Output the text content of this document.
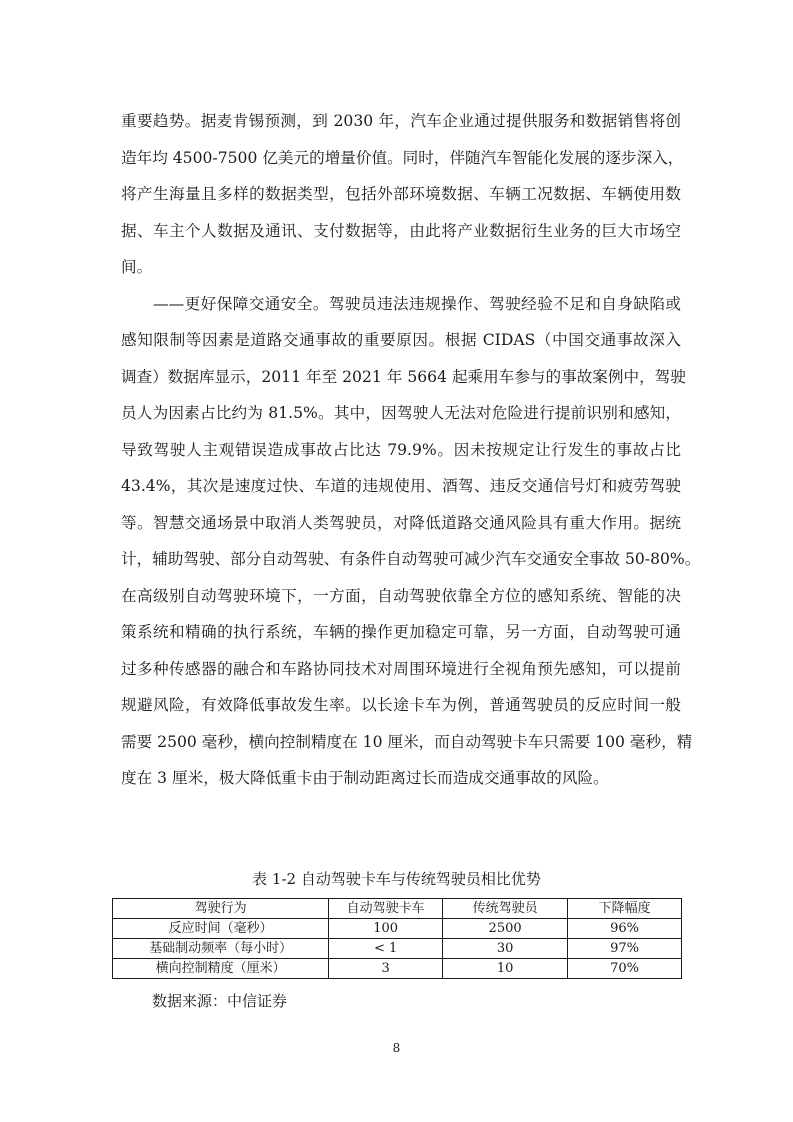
重要趋势。据麦肯锡预测，到 2030 年，汽车企业通过提供服务和数据销售将创
造年均 4500-7500 亿美元的增量价值。同时，伴随汽车智能化发展的逐步深入，
将产生海量且多样的数据类型，包括外部环境数据、车辆工况数据、车辆使用数
据、车主个人数据及通讯、支付数据等，由此将产业数据衍生业务的巨大市场空
间。
　　——更好保障交通安全。驾驶员违法违规操作、驾驶经验不足和自身缺陷或
感知限制等因素是道路交通事故的重要原因。根据 CIDAS（中国交通事故深入
调查）数据库显示，2011 年至 2021 年 5664 起乘用车参与的事故案例中，驾驶
员人为因素占比约为 81.5%。其中，因驾驶人无法对危险进行提前识别和感知，
导致驾驶人主观错误造成事故占比达 79.9%。因未按规定让行发生的事故占比
43.4%，其次是速度过快、车道的违规使用、酒驾、违反交通信号灯和疲劳驾驶
等。智慧交通场景中取消人类驾驶员，对降低道路交通风险具有重大作用。据统
计，辅助驾驶、部分自动驾驶、有条件自动驾驶可减少汽车交通安全事故 50-80%。
在高级别自动驾驶环境下，一方面，自动驾驶依靠全方位的感知系统、智能的决
策系统和精确的执行系统，车辆的操作更加稳定可靠，另一方面，自动驾驶可通
过多种传感器的融合和车路协同技术对周围环境进行全视角预先感知，可以提前
规避风险，有效降低事故发生率。以长途卡车为例，普通驾驶员的反应时间一般
需要 2500 毫秒，横向控制精度在 10 厘米，而自动驾驶卡车只需要 100 毫秒，精
度在 3 厘米，极大降低重卡由于制动距离过长而造成交通事故的风险。
表 1-2 自动驾驶卡车与传统驾驶员相比优势
驾驶行为	自动驾驶卡车	传统驾驶员	下降幅度
反应时间（毫秒）	100	2500	96%
基础制动频率（每小时）	< 1	30	97%
横向控制精度（厘米）	3	10	70%
数据来源：中信证券
8
